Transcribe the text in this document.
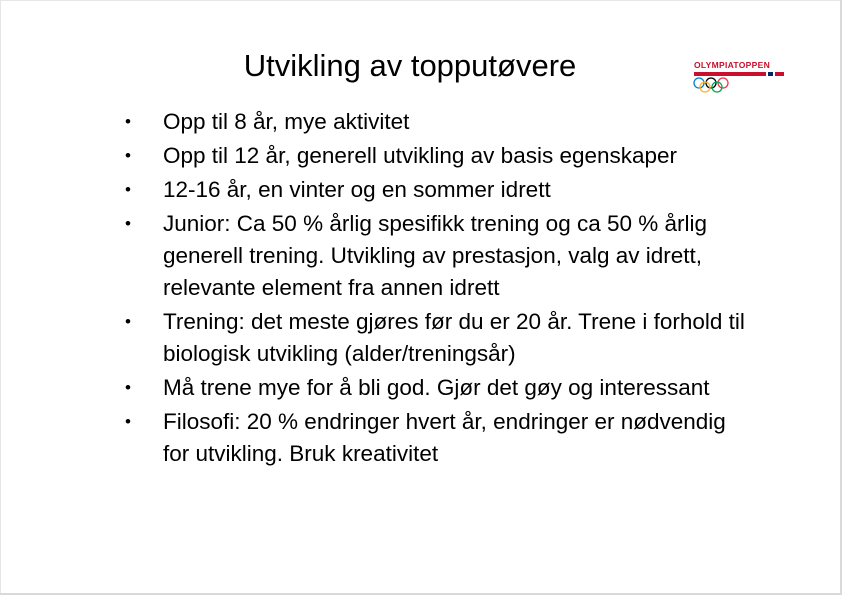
Utvikling av topputøvere	OLYMPIATOPPEN
•	Opp til 8 år, mye aktivitet
•	Opp til 12 år, generell utvikling av basis egenskaper
•	12-16 år, en vinter og en sommer idrett
•	Junior: Ca 50 % årlig spesifikk trening og ca 50 % årlig generell trening. Utvikling av prestasjon, valg av idrett, relevante element fra annen idrett
•	Trening: det meste gjøres før du er 20 år. Trene i forhold til biologisk utvikling (alder/treningsår)
•	Må trene mye for å bli god. Gjør det gøy og interessant
•	Filosofi: 20 % endringer hvert år, endringer er nødvendig for utvikling. Bruk kreativitet
